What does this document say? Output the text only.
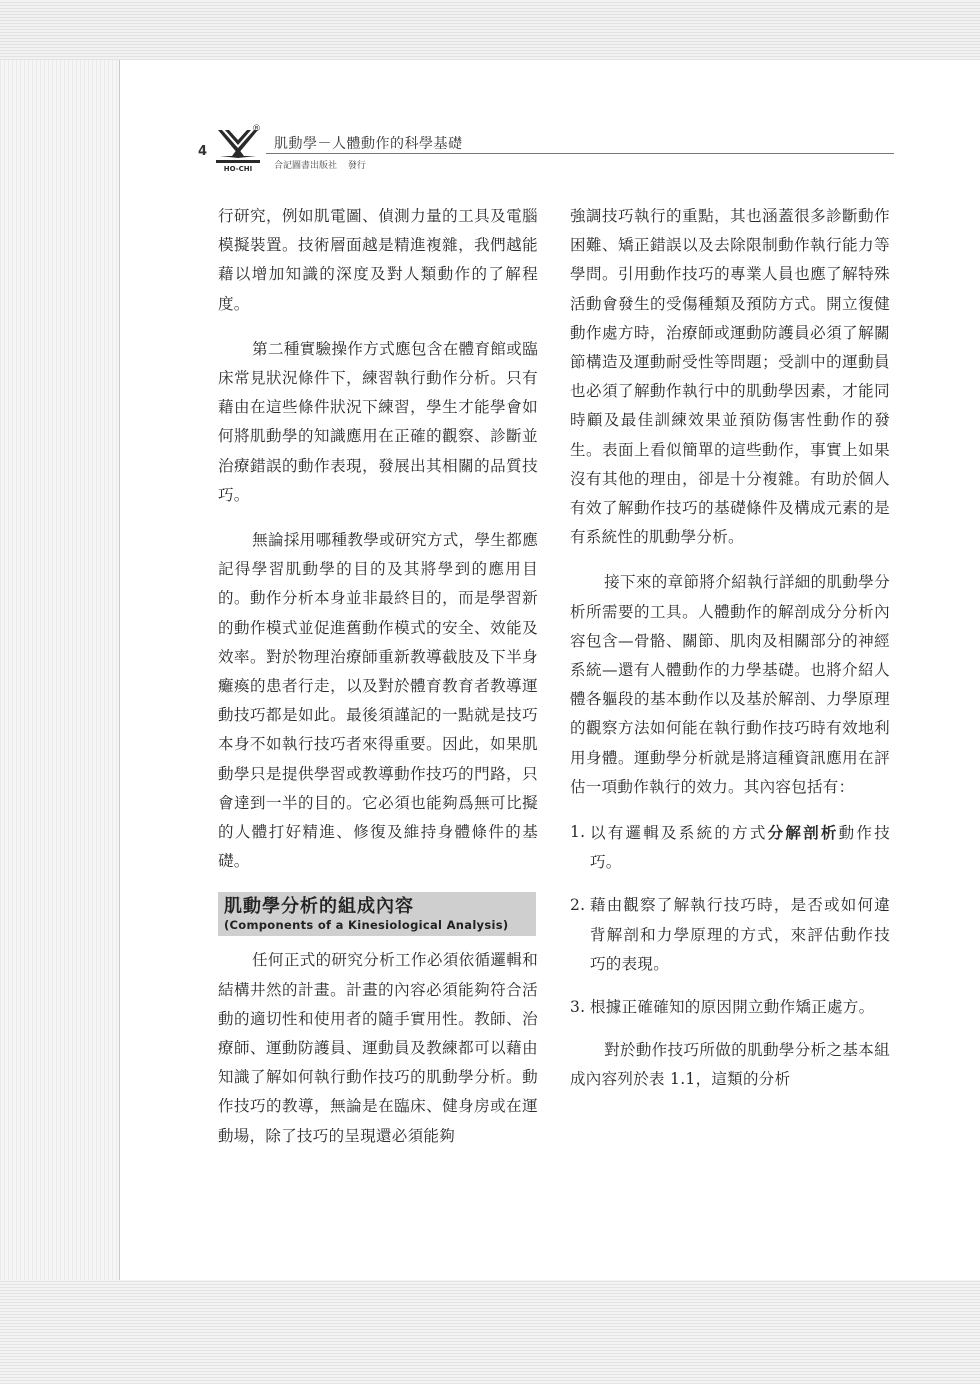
4
HO-CHI
®
肌動學－人體動作的科學基礎
合記圖書出版社 發行

行研究，例如肌電圖、偵測力量的工具及電腦模擬裝置。技術層面越是精進複雜，我們越能藉以增加知識的深度及對人類動作的了解程度。

第二種實驗操作方式應包含在體育館或臨床常見狀況條件下，練習執行動作分析。只有藉由在這些條件狀況下練習，學生才能學會如何將肌動學的知識應用在正確的觀察、診斷並治療錯誤的動作表現，發展出其相關的品質技巧。

無論採用哪種教學或研究方式，學生都應記得學習肌動學的目的及其將學到的應用目的。動作分析本身並非最終目的，而是學習新的動作模式並促進舊動作模式的安全、效能及效率。對於物理治療師重新教導截肢及下半身癱瘓的患者行走，以及對於體育教育者教導運動技巧都是如此。最後須謹記的一點就是技巧本身不如執行技巧者來得重要。因此，如果肌動學只是提供學習或教導動作技巧的門路，只會達到一半的目的。它必須也能夠爲無可比擬的人體打好精進、修復及維持身體條件的基礎。

肌動學分析的組成內容
(Components of a Kinesiological Analysis)

任何正式的研究分析工作必須依循邏輯和結構井然的計畫。計畫的內容必須能夠符合活動的適切性和使用者的隨手實用性。教師、治療師、運動防護員、運動員及教練都可以藉由知識了解如何執行動作技巧的肌動學分析。動作技巧的教導，無論是在臨床、健身房或在運動場，除了技巧的呈現還必須能夠

強調技巧執行的重點，其也涵蓋很多診斷動作困難、矯正錯誤以及去除限制動作執行能力等學問。引用動作技巧的專業人員也應了解特殊活動會發生的受傷種類及預防方式。開立復健動作處方時，治療師或運動防護員必須了解關節構造及運動耐受性等問題；受訓中的運動員也必須了解動作執行中的肌動學因素，才能同時顧及最佳訓練效果並預防傷害性動作的發生。表面上看似簡單的這些動作，事實上如果沒有其他的理由，卻是十分複雜。有助於個人有效了解動作技巧的基礎條件及構成元素的是有系統性的肌動學分析。

接下來的章節將介紹執行詳細的肌動學分析所需要的工具。人體動作的解剖成分分析內容包含—骨骼、關節、肌肉及相關部分的神經系統—還有人體動作的力學基礎。也將介紹人體各軀段的基本動作以及基於解剖、力學原理的觀察方法如何能在執行動作技巧時有效地利用身體。運動學分析就是將這種資訊應用在評估一項動作執行的效力。其內容包括有：

1. 以有邏輯及系統的方式分解剖析動作技巧。
2. 藉由觀察了解執行技巧時，是否或如何違背解剖和力學原理的方式，來評估動作技巧的表現。
3. 根據正確確知的原因開立動作矯正處方。

對於動作技巧所做的肌動學分析之基本組成內容列於表 1.1，這類的分析
